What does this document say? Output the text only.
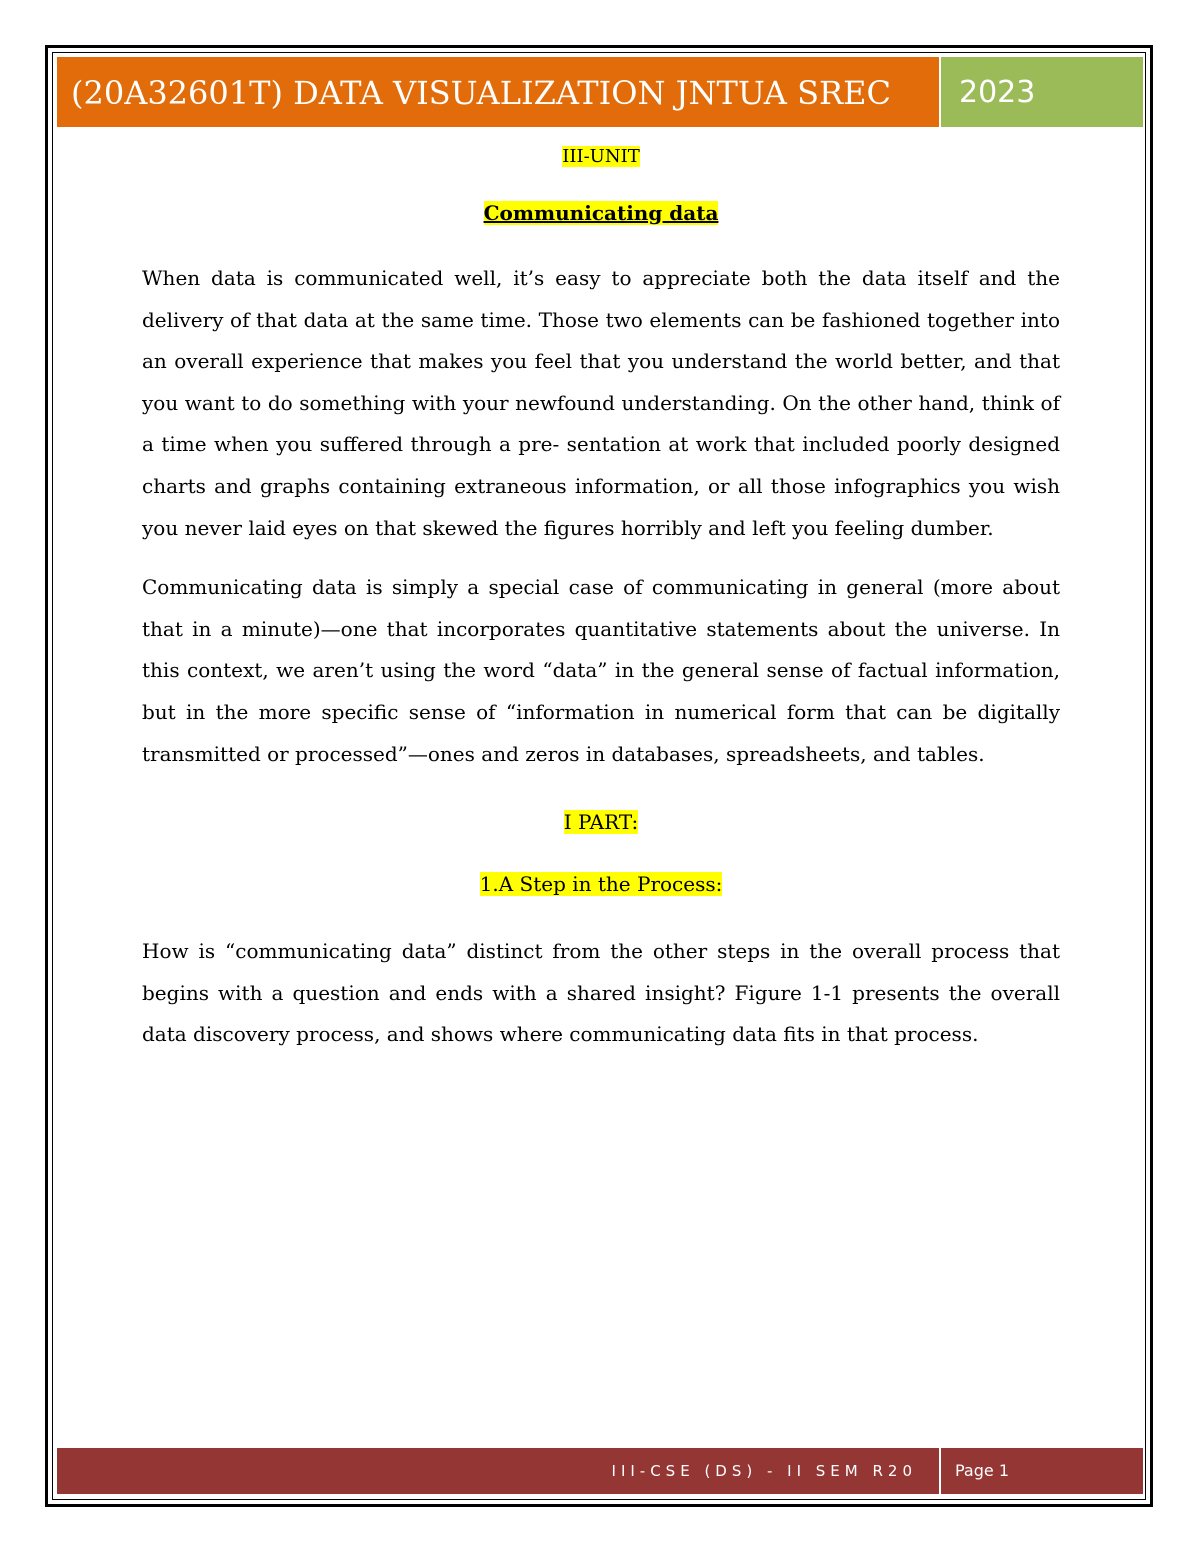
(20A32601T) DATA VISUALIZATION JNTUA SREC	2023
III-UNIT
Communicating data

When data is communicated well, it’s easy to appreciate both the data itself and the delivery of that data at the same time. Those two elements can be fashioned together into an overall experience that makes you feel that you understand the world better, and that you want to do something with your newfound understanding. On the other hand, think of a time when you suffered through a pre- sentation at work that included poorly designed charts and graphs containing extraneous information, or all those infographics you wish you never laid eyes on that skewed the figures horribly and left you feeling dumber.

Communicating data is simply a special case of communicating in general (more about that in a minute)—one that incorporates quantitative statements about the universe. In this context, we aren’t using the word “data” in the general sense of factual information, but in the more specific sense of “information in numerical form that can be digitally transmitted or processed”—ones and zeros in databases, spreadsheets, and tables.

I PART:
1.A Step in the Process:

How is “communicating data” distinct from the other steps in the overall process that begins with a question and ends with a shared insight? Figure 1-1 presents the overall data discovery process, and shows where communicating data fits in that process.

III-CSE (DS) - II SEM R20	Page 1
